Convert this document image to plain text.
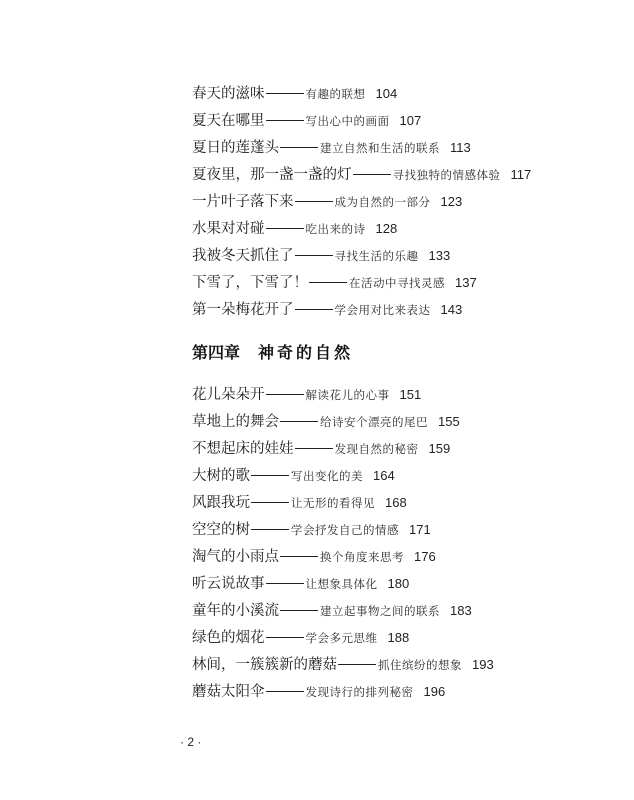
春天的滋味	有趣的联想 104
夏天在哪里	写出心中的画面 107
夏日的莲蓬头	建立自然和生活的联系 113
夏夜里，那一盏一盏的灯	寻找独特的情感体验 117
一片叶子落下来	成为自然的一部分 123
水果对对碰	吃出来的诗 128
我被冬天抓住了	寻找生活的乐趣 133
下雪了，下雪了！	在活动中寻找灵感 137
第一朵梅花开了	学会用对比来表达 143
第四章 神奇的自然
花儿朵朵开	解读花儿的心事 151
草地上的舞会	给诗安个漂亮的尾巴 155
不想起床的娃娃	发现自然的秘密 159
大树的歌	写出变化的美 164
风跟我玩	让无形的看得见 168
空空的树	学会抒发自己的情感 171
淘气的小雨点	换个角度来思考 176
听云说故事	让想象具体化 180
童年的小溪流	建立起事物之间的联系 183
绿色的烟花	学会多元思维 188
林间，一簇簇新的蘑菇	抓住缤纷的想象 193
蘑菇太阳伞	发现诗行的排列秘密 196
· 2 ·
